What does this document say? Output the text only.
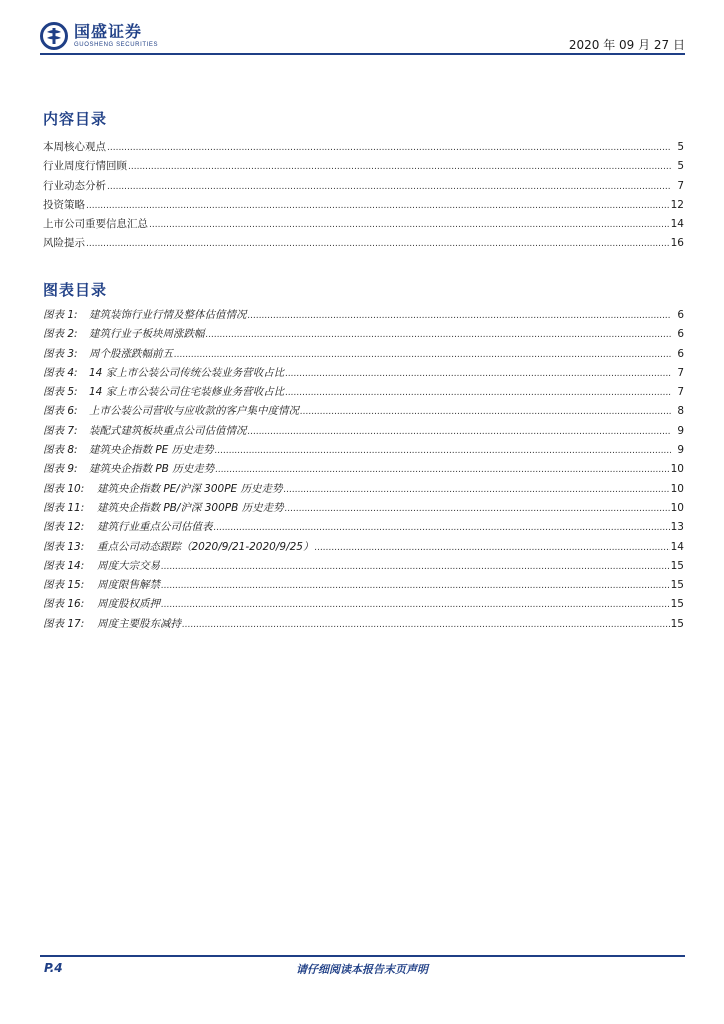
国盛证券
GUOSHENG SECURITIES	2020 年 09 月 27 日
内容目录
本周核心观点 .....	5
行业周度行情回顾 .....	5
行业动态分析 .....	7
投资策略 .....	12
上市公司重要信息汇总 .....	14
风险提示 .....	16
图表目录
图表 1: 建筑装饰行业行情及整体估值情况 .....	6
图表 2: 建筑行业子板块周涨跌幅 .....	6
图表 3: 周个股涨跌幅前五 .....	6
图表 4: 14 家上市公装公司传统公装业务营收占比 .....	7
图表 5: 14 家上市公装公司住宅装修业务营收占比 .....	7
图表 6: 上市公装公司营收与应收款的客户集中度情况 .....	8
图表 7: 装配式建筑板块重点公司估值情况 .....	9
图表 8: 建筑央企指数 PE 历史走势 .....	9
图表 9: 建筑央企指数 PB 历史走势 .....	10
图表 10: 建筑央企指数 PE/沪深 300PE 历史走势 .....	10
图表 11: 建筑央企指数 PB/沪深 300PB 历史走势 .....	10
图表 12: 建筑行业重点公司估值表 .....	13
图表 13: 重点公司动态跟踪（2020/9/21-2020/9/25） .....	14
图表 14: 周度大宗交易 .....	15
图表 15: 周度限售解禁 .....	15
图表 16: 周度股权质押 .....	15
图表 17: 周度主要股东减持 .....	15
请仔细阅读本报告末页声明
P.4
